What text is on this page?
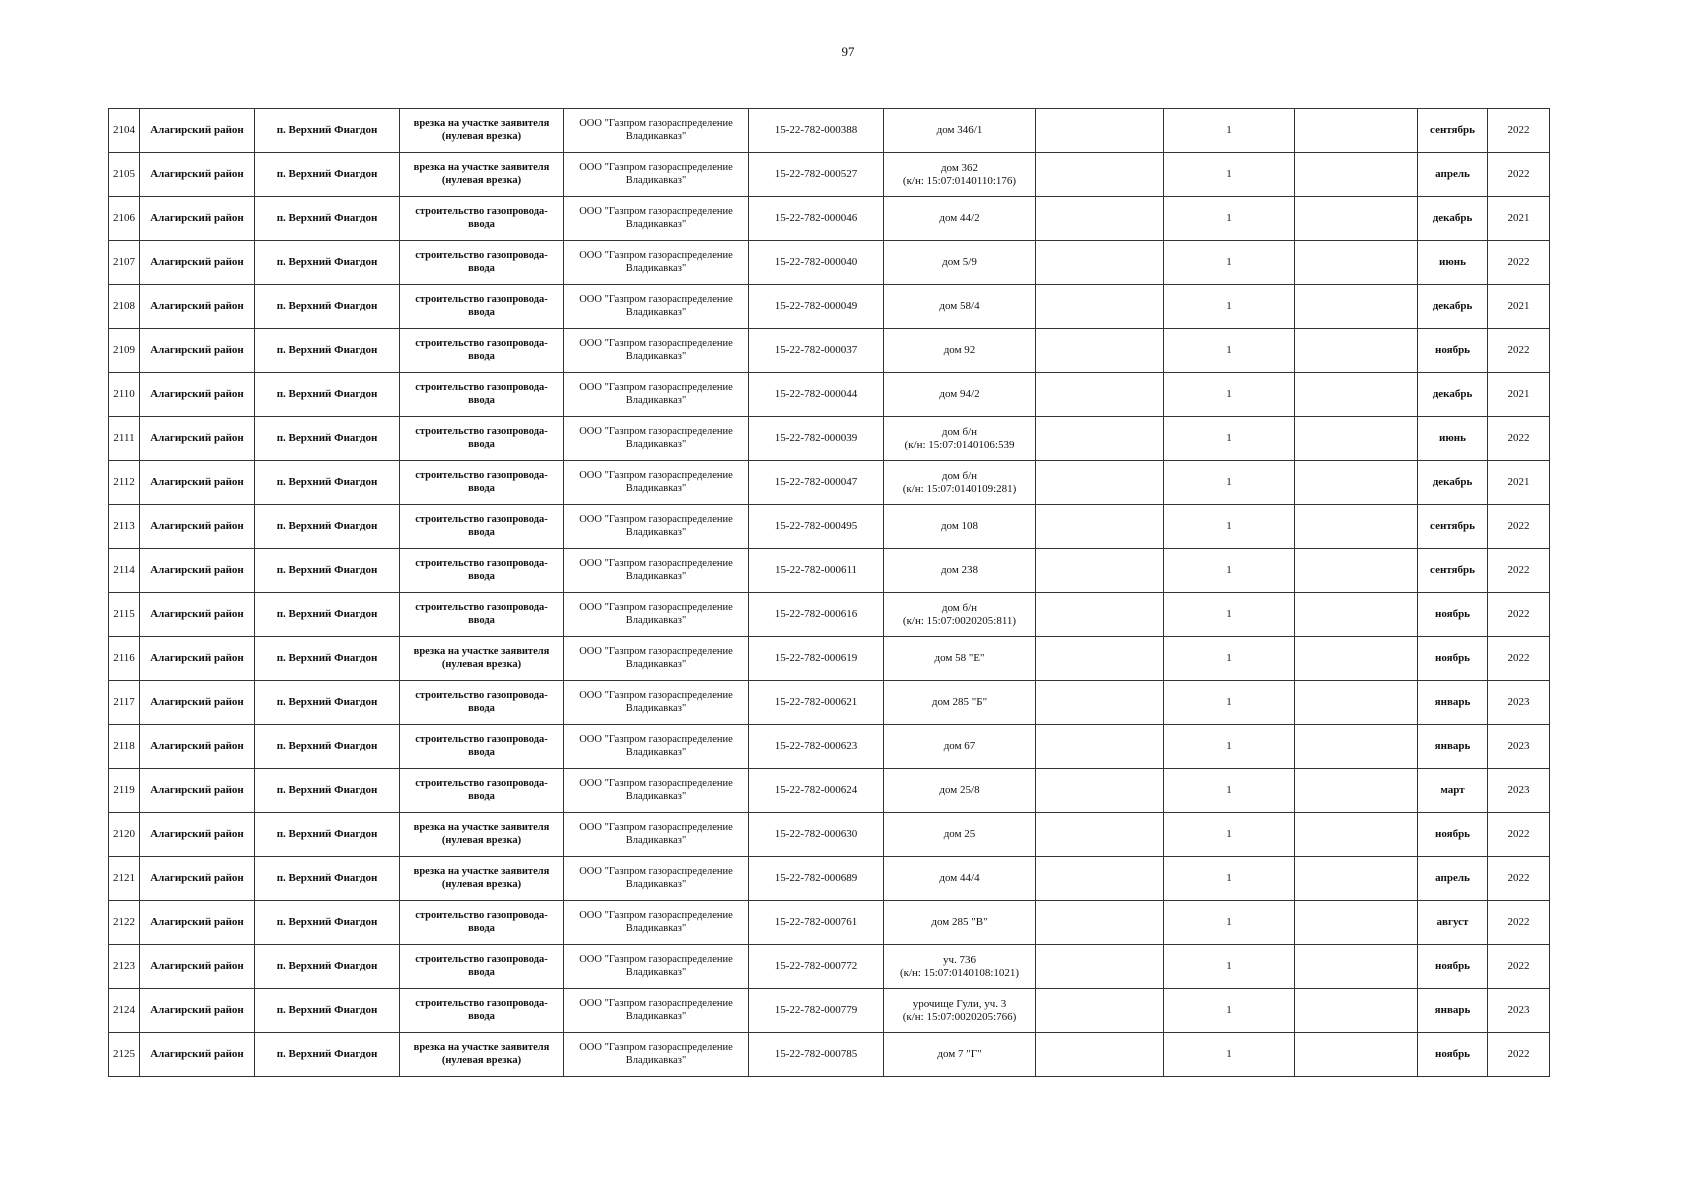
97
2104	Алагирский район	п. Верхний Фиагдон	врезка на участке заявителя
(нулевая врезка)	ООО "Газпром газораспределение
Владикавказ"	15-22-782-000388	дом 346/1		1		сентябрь	2022
2105	Алагирский район	п. Верхний Фиагдон	врезка на участке заявителя
(нулевая врезка)	ООО "Газпром газораспределение
Владикавказ"	15-22-782-000527	дом 362
(к/н: 15:07:0140110:176)		1		апрель	2022
2106	Алагирский район	п. Верхний Фиагдон	строительство газопровода-
ввода	ООО "Газпром газораспределение
Владикавказ"	15-22-782-000046	дом 44/2		1		декабрь	2021
2107	Алагирский район	п. Верхний Фиагдон	строительство газопровода-
ввода	ООО "Газпром газораспределение
Владикавказ"	15-22-782-000040	дом 5/9		1		июнь	2022
2108	Алагирский район	п. Верхний Фиагдон	строительство газопровода-
ввода	ООО "Газпром газораспределение
Владикавказ"	15-22-782-000049	дом 58/4		1		декабрь	2021
2109	Алагирский район	п. Верхний Фиагдон	строительство газопровода-
ввода	ООО "Газпром газораспределение
Владикавказ"	15-22-782-000037	дом 92		1		ноябрь	2022
2110	Алагирский район	п. Верхний Фиагдон	строительство газопровода-
ввода	ООО "Газпром газораспределение
Владикавказ"	15-22-782-000044	дом 94/2		1		декабрь	2021
2111	Алагирский район	п. Верхний Фиагдон	строительство газопровода-
ввода	ООО "Газпром газораспределение
Владикавказ"	15-22-782-000039	дом б/н
(к/н: 15:07:0140106:539		1		июнь	2022
2112	Алагирский район	п. Верхний Фиагдон	строительство газопровода-
ввода	ООО "Газпром газораспределение
Владикавказ"	15-22-782-000047	дом б/н
(к/н: 15:07:0140109:281)		1		декабрь	2021
2113	Алагирский район	п. Верхний Фиагдон	строительство газопровода-
ввода	ООО "Газпром газораспределение
Владикавказ"	15-22-782-000495	дом 108		1		сентябрь	2022
2114	Алагирский район	п. Верхний Фиагдон	строительство газопровода-
ввода	ООО "Газпром газораспределение
Владикавказ"	15-22-782-000611	дом 238		1		сентябрь	2022
2115	Алагирский район	п. Верхний Фиагдон	строительство газопровода-
ввода	ООО "Газпром газораспределение
Владикавказ"	15-22-782-000616	дом б/н
(к/н: 15:07:0020205:811)		1		ноябрь	2022
2116	Алагирский район	п. Верхний Фиагдон	врезка на участке заявителя
(нулевая врезка)	ООО "Газпром газораспределение
Владикавказ"	15-22-782-000619	дом 58 "Е"		1		ноябрь	2022
2117	Алагирский район	п. Верхний Фиагдон	строительство газопровода-
ввода	ООО "Газпром газораспределение
Владикавказ"	15-22-782-000621	дом 285 "Б"		1		январь	2023
2118	Алагирский район	п. Верхний Фиагдон	строительство газопровода-
ввода	ООО "Газпром газораспределение
Владикавказ"	15-22-782-000623	дом 67		1		январь	2023
2119	Алагирский район	п. Верхний Фиагдон	строительство газопровода-
ввода	ООО "Газпром газораспределение
Владикавказ"	15-22-782-000624	дом 25/8		1		март	2023
2120	Алагирский район	п. Верхний Фиагдон	врезка на участке заявителя
(нулевая врезка)	ООО "Газпром газораспределение
Владикавказ"	15-22-782-000630	дом 25		1		ноябрь	2022
2121	Алагирский район	п. Верхний Фиагдон	врезка на участке заявителя
(нулевая врезка)	ООО "Газпром газораспределение
Владикавказ"	15-22-782-000689	дом 44/4		1		апрель	2022
2122	Алагирский район	п. Верхний Фиагдон	строительство газопровода-
ввода	ООО "Газпром газораспределение
Владикавказ"	15-22-782-000761	дом 285 "В"		1		август	2022
2123	Алагирский район	п. Верхний Фиагдон	строительство газопровода-
ввода	ООО "Газпром газораспределение
Владикавказ"	15-22-782-000772	уч. 736
(к/н: 15:07:0140108:1021)		1		ноябрь	2022
2124	Алагирский район	п. Верхний Фиагдон	строительство газопровода-
ввода	ООО "Газпром газораспределение
Владикавказ"	15-22-782-000779	урочище Гули, уч. 3
(к/н: 15:07:0020205:766)		1		январь	2023
2125	Алагирский район	п. Верхний Фиагдон	врезка на участке заявителя
(нулевая врезка)	ООО "Газпром газораспределение
Владикавказ"	15-22-782-000785	дом 7 "Г"		1		ноябрь	2022
